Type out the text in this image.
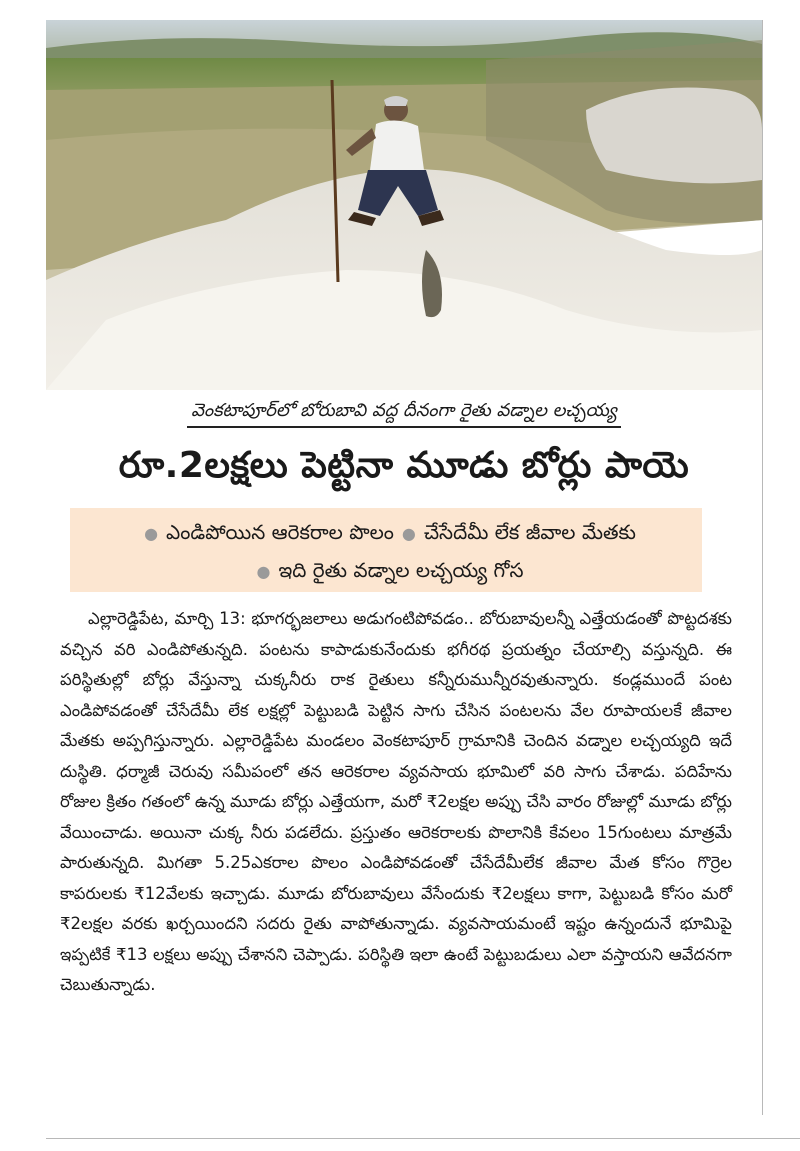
వెంకటాపూర్‌లో బోరుబావి వద్ద దీనంగా రైతు వడ్నాల లచ్చయ్య
రూ.2లక్షలు పెట్టినా మూడు బోర్లు పాయె
● ఎండిపోయిన ఆరెకరాల పొలం ● చేసేదేమీ లేక జీవాల మేతకు
● ఇది రైతు వడ్నాల లచ్చయ్య గోస

ఎల్లారెడ్డిపేట, మార్చి 13: భూగర్భజలాలు అడుగంటిపోవడం.. బోరుబావులన్నీ ఎత్తేయడంతో పొట్టదశకు వచ్చిన వరి ఎండిపోతున్నది. పంటను కాపాడుకునేందుకు భగీరథ ప్రయత్నం చేయాల్సి వస్తున్నది. ఈ పరిస్థితుల్లో బోర్లు వేస్తున్నా చుక్కనీరు రాక రైతులు కన్నీరుమున్నీరవుతున్నారు. కండ్లముందే పంట ఎండిపోవడంతో చేసేదేమీ లేక లక్షల్లో పెట్టుబడి పెట్టిన సాగు చేసిన పంటలను వేల రూపాయలకే జీవాల మేతకు అప్పగిస్తున్నారు. ఎల్లారెడ్డిపేట మండలం వెంకటాపూర్ గ్రామానికి చెందిన వడ్నాల లచ్చయ్యది ఇదే దుస్థితి. ధర్మాజీ చెరువు సమీపంలో తన ఆరెకరాల వ్యవసాయ భూమిలో వరి సాగు చేశాడు. పదిహేను రోజుల క్రితం గతంలో ఉన్న మూడు బోర్లు ఎత్తేయగా, మరో ₹2లక్షల అప్పు చేసి వారం రోజుల్లో మూడు బోర్లు వేయించాడు. అయినా చుక్క నీరు పడలేదు. ప్రస్తుతం ఆరెకరాలకు పొలానికి కేవలం 15గుంటలు మాత్రమే పారుతున్నది. మిగతా 5.25ఎకరాల పొలం ఎండిపోవడంతో చేసేదేమీలేక జీవాల మేత కోసం గొర్రెల కాపరులకు ₹12వేలకు ఇచ్చాడు. మూడు బోరుబావులు వేసేందుకు ₹2లక్షలు కాగా, పెట్టుబడి కోసం మరో ₹2లక్షల వరకు ఖర్చయిందని సదరు రైతు వాపోతున్నాడు. వ్యవసాయమంటే ఇష్టం ఉన్నందునే భూమిపై ఇప్పటికే ₹13 లక్షలు అప్పు చేశానని చెప్పాడు. పరిస్థితి ఇలా ఉంటే పెట్టుబడులు ఎలా వస్తాయని ఆవేదనగా చెబుతున్నాడు.
